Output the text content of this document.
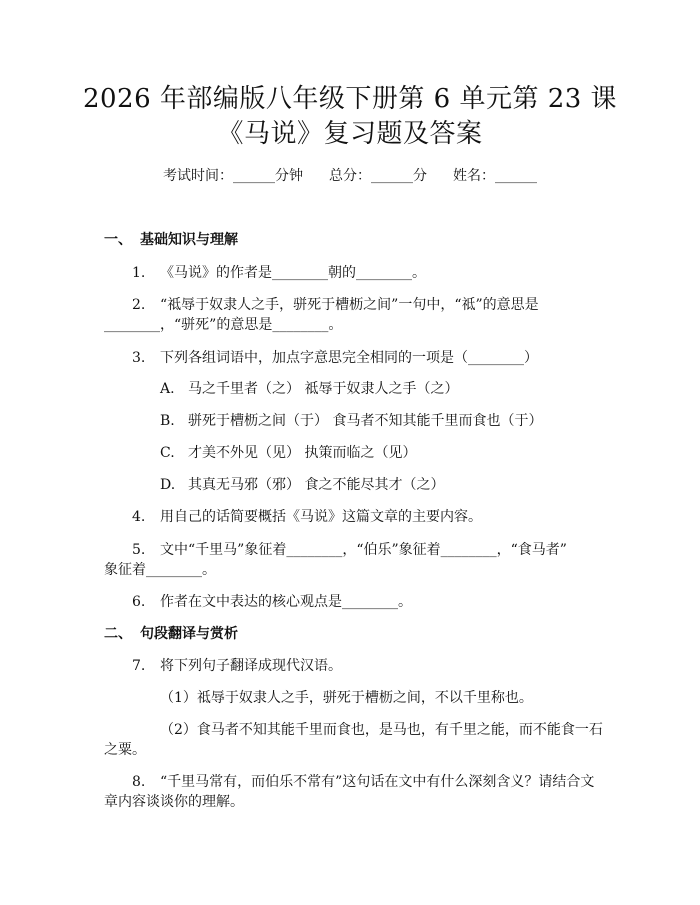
2026 年部编版八年级下册第 6 单元第 23 课
《马说》复习题及答案
考试时间：______分钟 总分：______分 姓名：______
一、 基础知识与理解
1. 《马说》的作者是________朝的________。
2. “祗辱于奴隶人之手，骈死于槽枥之间”一句中，“祗”的意思是
________，“骈死”的意思是________。
3. 下列各组词语中，加点字意思完全相同的一项是（________）
A. 马之千里者（之） 祗辱于奴隶人之手（之）
B. 骈死于槽枥之间（于） 食马者不知其能千里而食也（于）
C. 才美不外见（见） 执策而临之（见）
D. 其真无马邪（邪） 食之不能尽其才（之）
4. 用自己的话简要概括《马说》这篇文章的主要内容。
5. 文中“千里马”象征着________，“伯乐”象征着________，“食马者”
象征着________。
6. 作者在文中表达的核心观点是________。
二、 句段翻译与赏析
7. 将下列句子翻译成现代汉语。
（1）祗辱于奴隶人之手，骈死于槽枥之间，不以千里称也。
（2）食马者不知其能千里而食也，是马也，有千里之能，而不能食一石
之粟。
8. “千里马常有，而伯乐不常有”这句话在文中有什么深刻含义？请结合文
章内容谈谈你的理解。
